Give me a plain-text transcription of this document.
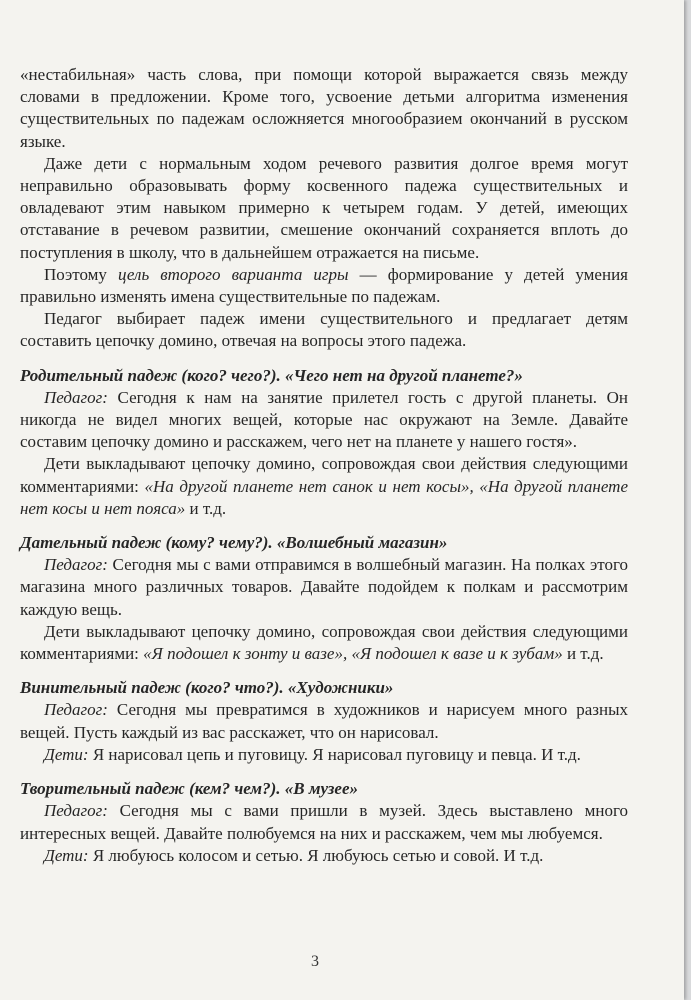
«нестабильная» часть слова, при помощи которой выражается связь между словами в предложении. Кроме того, усвоение детьми алгоритма изменения существительных по падежам осложняется многообразием окончаний в русском языке.

Даже дети с нормальным ходом речевого развития долгое время могут неправильно образовывать форму косвенного падежа существительных и овладевают этим навыком примерно к четырем годам. У детей, имеющих отставание в речевом развитии, смешение окончаний сохраняется вплоть до поступления в школу, что в дальнейшем отражается на письме.

Поэтому цель второго варианта игры — формирование у детей умения правильно изменять имена существительные по падежам.

Педагог выбирает падеж имени существительного и предлагает детям составить цепочку домино, отвечая на вопросы этого падежа.

Родительный падеж (кого? чего?). «Чего нет на другой планете?»

Педагог: Сегодня к нам на занятие прилетел гость с другой планеты. Он никогда не видел многих вещей, которые нас окружают на Земле. Давайте составим цепочку домино и расскажем, чего нет на планете у нашего гостя».

Дети выкладывают цепочку домино, сопровождая свои действия следующими комментариями: «На другой планете нет санок и нет косы», «На другой планете нет косы и нет пояса» и т.д.

Дательный падеж (кому? чему?). «Волшебный магазин»

Педагог: Сегодня мы с вами отправимся в волшебный магазин. На полках этого магазина много различных товаров. Давайте подойдем к полкам и рассмотрим каждую вещь.

Дети выкладывают цепочку домино, сопровождая свои действия следующими комментариями: «Я подошел к зонту и вазе», «Я подошел к вазе и к зубам» и т.д.

Винительный падеж (кого? что?). «Художники»

Педагог: Сегодня мы превратимся в художников и нарисуем много разных вещей. Пусть каждый из вас расскажет, что он нарисовал.

Дети: Я нарисовал цепь и пуговицу. Я нарисовал пуговицу и певца. И т.д.

Творительный падеж (кем? чем?). «В музее»

Педагог: Сегодня мы с вами пришли в музей. Здесь выставлено много интересных вещей. Давайте полюбуемся на них и расскажем, чем мы любуемся.

Дети: Я любуюсь колосом и сетью. Я любуюсь сетью и совой. И т.д.

3
